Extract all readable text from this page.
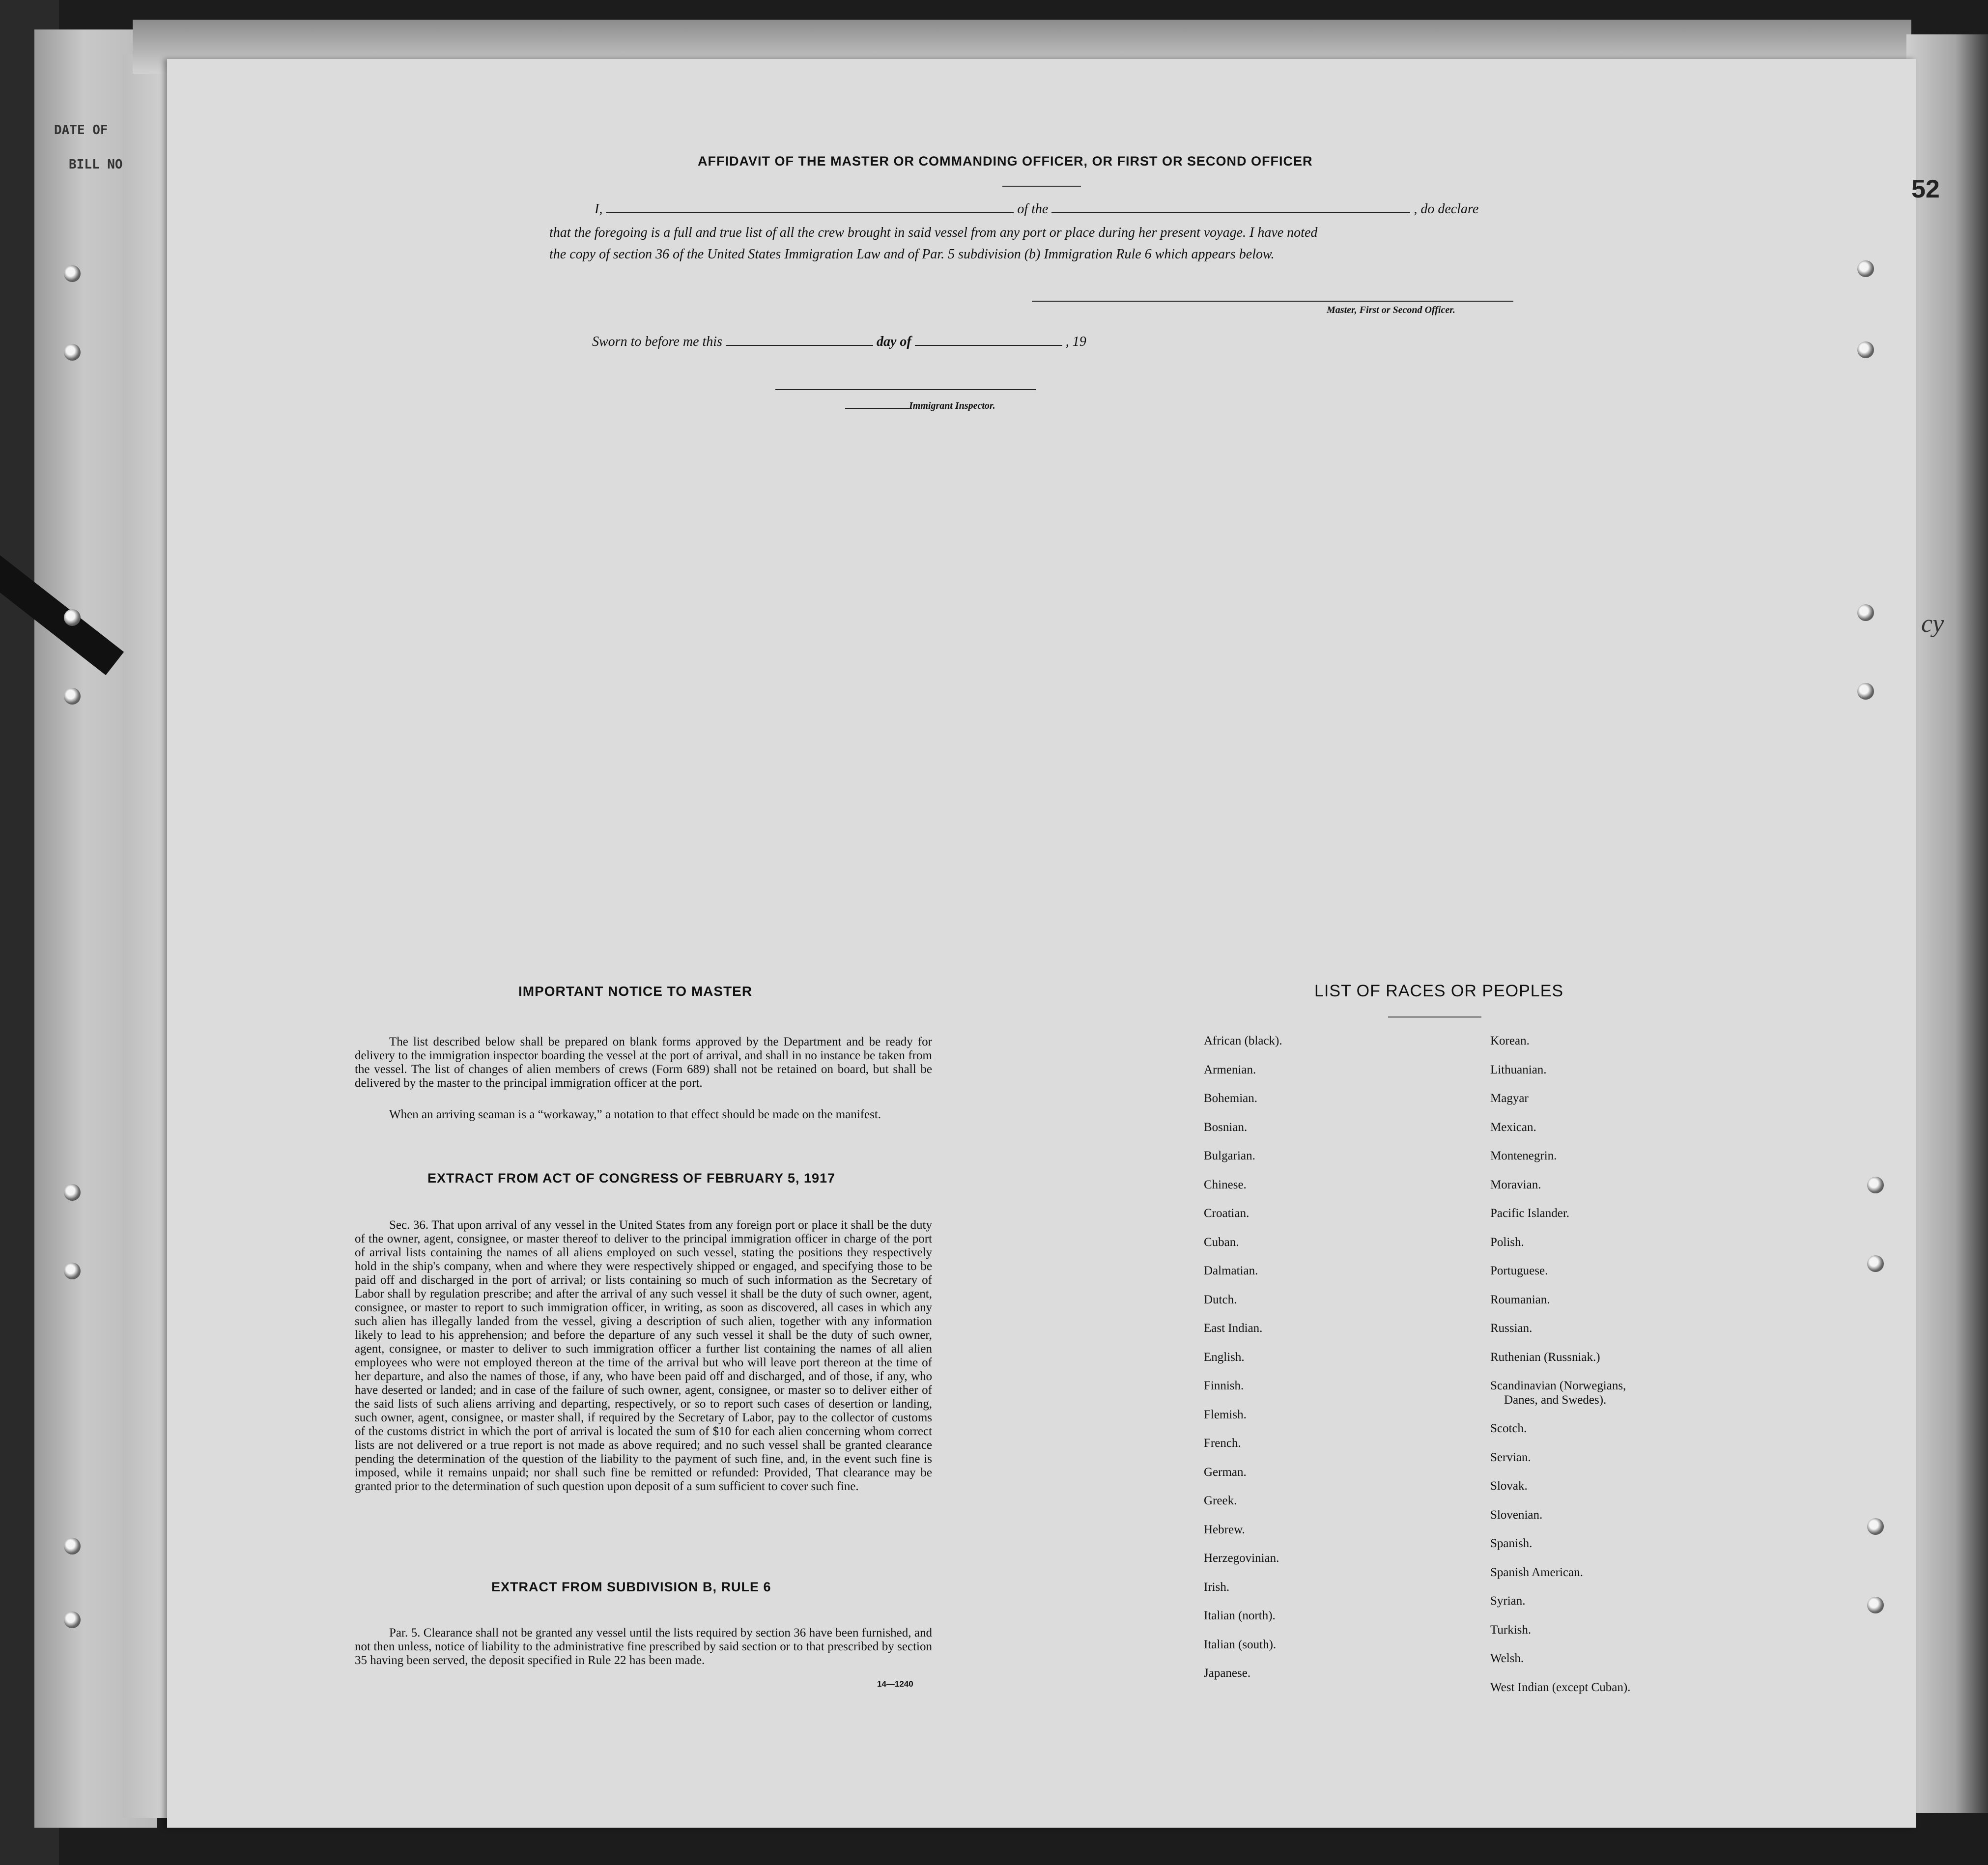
DATE OF
BILL NO
52
cy
AFFIDAVIT OF THE MASTER OR COMMANDING OFFICER, OR FIRST OR SECOND OFFICER
I,	of the	, do declare
that the foregoing is a full and true list of all the crew brought in said vessel from any port or place during her present voyage. I have noted
the copy of section 36 of the United States Immigration Law and of Par. 5 subdivision (b) Immigration Rule 6 which appears below.
Master, First or Second Officer.
Sworn to before me this	day of	, 19
Immigrant Inspector.
IMPORTANT NOTICE TO MASTER
The list described below shall be prepared on blank forms approved by the Department and be ready for delivery to the immigration inspector boarding the vessel at the port of arrival, and shall in no instance be taken from the vessel. The list of changes of alien members of crews (Form 689) shall not be retained on board, but shall be delivered by the master to the principal immigration officer at the port.
When an arriving seaman is a “workaway,” a notation to that effect should be made on the manifest.
EXTRACT FROM ACT OF CONGRESS OF FEBRUARY 5, 1917
Sec. 36. That upon arrival of any vessel in the United States from any foreign port or place it shall be the duty of the owner, agent, consignee, or master thereof to deliver to the principal immigration officer in charge of the port of arrival lists containing the names of all aliens employed on such vessel, stating the positions they respectively hold in the ship's company, when and where they were respectively shipped or engaged, and specifying those to be paid off and discharged in the port of arrival; or lists containing so much of such information as the Secretary of Labor shall by regulation prescribe; and after the arrival of any such vessel it shall be the duty of such owner, agent, consignee, or master to report to such immigration officer, in writing, as soon as discovered, all cases in which any such alien has illegally landed from the vessel, giving a description of such alien, together with any information likely to lead to his apprehension; and before the departure of any such vessel it shall be the duty of such owner, agent, consignee, or master to deliver to such immigration officer a further list containing the names of all alien employees who were not employed thereon at the time of the arrival but who will leave port thereon at the time of her departure, and also the names of those, if any, who have been paid off and discharged, and of those, if any, who have deserted or landed; and in case of the failure of such owner, agent, consignee, or master so to deliver either of the said lists of such aliens arriving and departing, respectively, or so to report such cases of desertion or landing, such owner, agent, consignee, or master shall, if required by the Secretary of Labor, pay to the collector of customs of the customs district in which the port of arrival is located the sum of $10 for each alien concerning whom correct lists are not delivered or a true report is not made as above required; and no such vessel shall be granted clearance pending the determination of the question of the liability to the payment of such fine, and, in the event such fine is imposed, while it remains unpaid; nor shall such fine be remitted or refunded: Provided, That clearance may be granted prior to the determination of such question upon deposit of a sum sufficient to cover such fine.
EXTRACT FROM SUBDIVISION B, RULE 6
Par. 5. Clearance shall not be granted any vessel until the lists required by section 36 have been furnished, and not then unless, notice of liability to the administrative fine prescribed by said section or to that prescribed by section 35 having been served, the deposit specified in Rule 22 has been made.
14—1240
LIST OF RACES OR PEOPLES
African (black).
Armenian.
Bohemian.
Bosnian.
Bulgarian.
Chinese.
Croatian.
Cuban.
Dalmatian.
Dutch.
East Indian.
English.
Finnish.
Flemish.
French.
German.
Greek.
Hebrew.
Herzegovinian.
Irish.
Italian (north).
Italian (south).
Japanese.
Korean.
Lithuanian.
Magyar
Mexican.
Montenegrin.
Moravian.
Pacific Islander.
Polish.
Portuguese.
Roumanian.
Russian.
Ruthenian (Russniak.)
Scandinavian (Norwegians,
Danes, and Swedes).
Scotch.
Servian.
Slovak.
Slovenian.
Spanish.
Spanish American.
Syrian.
Turkish.
Welsh.
West Indian (except Cuban).
